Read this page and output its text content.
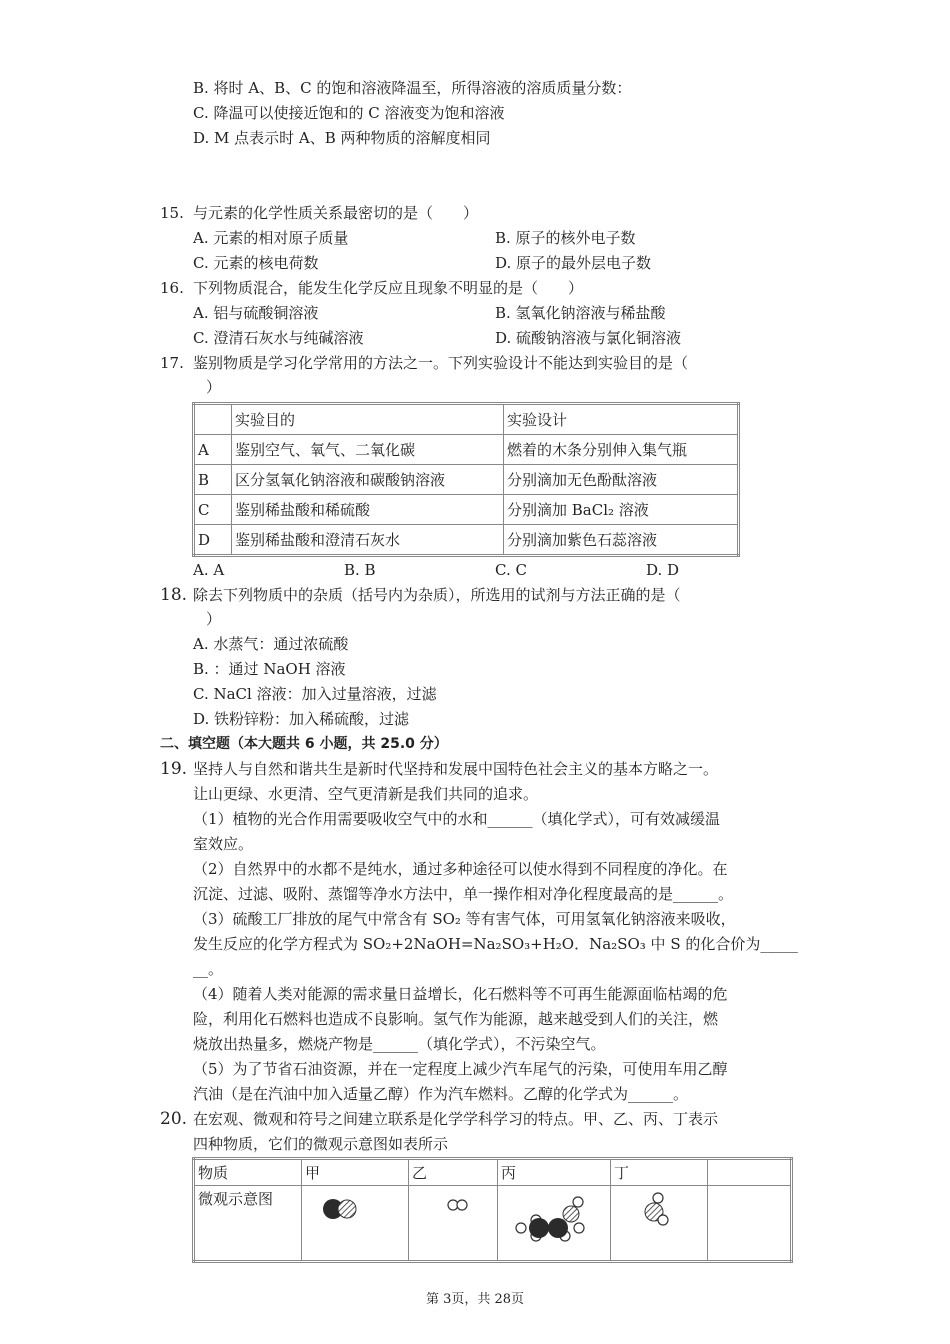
B. 将时 A、B、C 的饱和溶液降温至，所得溶液的溶质质量分数：
C. 降温可以使接近饱和的 C 溶液变为饱和溶液
D. M 点表示时 A、B 两种物质的溶解度相同
15. 与元素的化学性质关系最密切的是（　　）
A. 元素的相对原子质量	B. 原子的核外电子数
C. 元素的核电荷数	D. 原子的最外层电子数
16. 下列物质混合，能发生化学反应且现象不明显的是（　　）
A. 铝与硫酸铜溶液	B. 氢氧化钠溶液与稀盐酸
C. 澄清石灰水与纯碱溶液	D. 硫酸钠溶液与氯化铜溶液
17. 鉴别物质是学习化学常用的方法之一。下列实验设计不能达到实验目的是（
）
	实验目的	实验设计
A	鉴别空气、氧气、二氧化碳	燃着的木条分别伸入集气瓶
B	区分氢氧化钠溶液和碳酸钠溶液	分别滴加无色酚酞溶液
C	鉴别稀盐酸和稀硫酸	分别滴加 BaCl₂ 溶液
D	鉴别稀盐酸和澄清石灰水	分别滴加紫色石蕊溶液
A. A	B. B	C. C	D. D
18. 除去下列物质中的杂质（括号内为杂质），所选用的试剂与方法正确的是（
）
A. 水蒸气：通过浓硫酸
B. ：通过 NaOH 溶液
C. NaCl 溶液：加入过量溶液，过滤
D. 铁粉锌粉：加入稀硫酸，过滤
二、填空题（本大题共 6 小题，共 25.0 分）
19. 坚持人与自然和谐共生是新时代坚持和发展中国特色社会主义的基本方略之一。
让山更绿、水更清、空气更清新是我们共同的追求。
（1）植物的光合作用需要吸收空气中的水和______（填化学式），可有效减缓温
室效应。
（2）自然界中的水都不是纯水，通过多种途径可以使水得到不同程度的净化。在
沉淀、过滤、吸附、蒸馏等净水方法中，单一操作相对净化程度最高的是______。
（3）硫酸工厂排放的尾气中常含有 SO₂ 等有害气体，可用氢氧化钠溶液来吸收，
发生反应的化学方程式为 SO₂+2NaOH=Na₂SO₃+H₂O．Na₂SO₃ 中 S 的化合价为_____
__。
（4）随着人类对能源的需求量日益增长，化石燃料等不可再生能源面临枯竭的危
险，利用化石燃料也造成不良影响。氢气作为能源，越来越受到人们的关注，燃
烧放出热量多，燃烧产物是______（填化学式），不污染空气。
（5）为了节省石油资源，并在一定程度上减少汽车尾气的污染，可使用车用乙醇
汽油（是在汽油中加入适量乙醇）作为汽车燃料。乙醇的化学式为______。
20. 在宏观、微观和符号之间建立联系是化学学科学习的特点。甲、乙、丙、丁表示
四种物质，它们的微观示意图如表所示
物质	甲	乙	丙	丁	
微观示意图					
第 3页，共 28页
